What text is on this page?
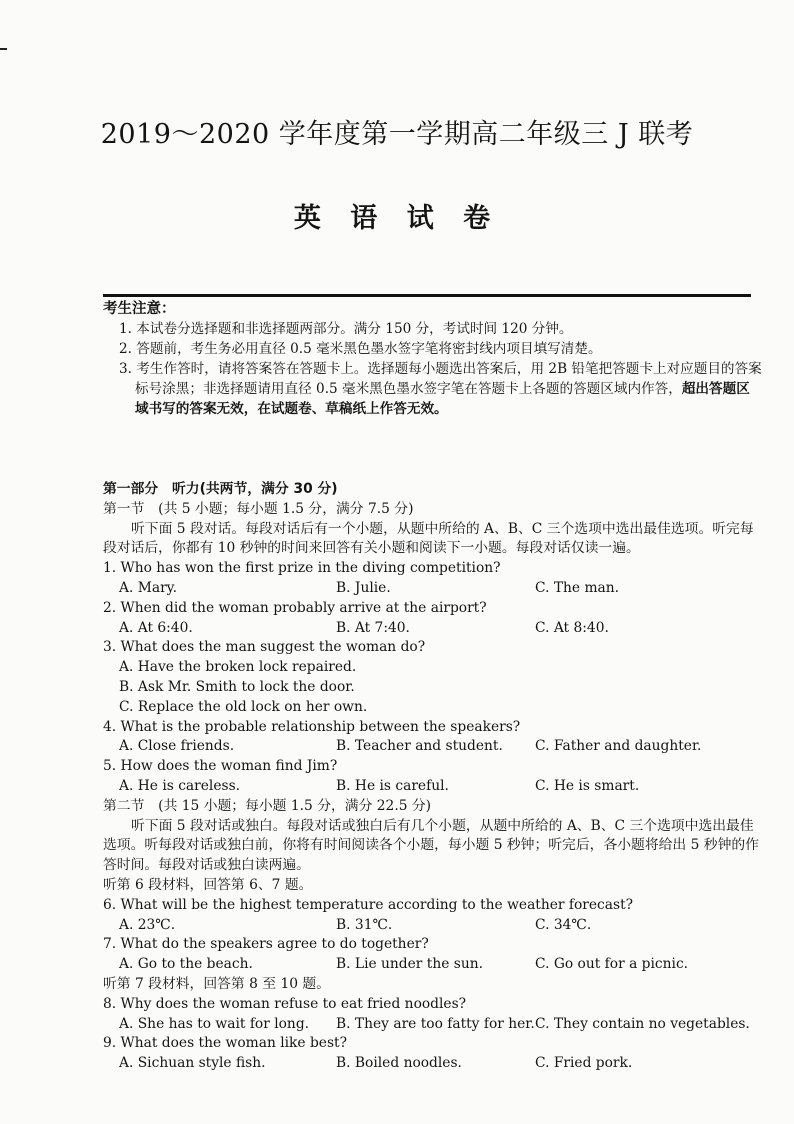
2019～2020 学年度第一学期高二年级三 J 联考
英 语 试 卷
考生注意：
1. 本试卷分选择题和非选择题两部分。满分 150 分，考试时间 120 分钟。
2. 答题前，考生务必用直径 0.5 毫米黑色墨水签字笔将密封线内项目填写清楚。
3. 考生作答时，请将答案答在答题卡上。选择题每小题选出答案后，用 2B 铅笔把答题卡上对应题目的答案标号涂黑；非选择题请用直径 0.5 毫米黑色墨水签字笔在答题卡上各题的答题区域内作答，超出答题区域书写的答案无效，在试题卷、草稿纸上作答无效。
第一部分　听力(共两节，满分 30 分)
第一节　(共 5 小题；每小题 1.5 分，满分 7.5 分)
听下面 5 段对话。每段对话后有一个小题，从题中所给的 A、B、C 三个选项中选出最佳选项。听完每段对话后，你都有 10 秒钟的时间来回答有关小题和阅读下一小题。每段对话仅读一遍。
1. Who has won the first prize in the diving competition?
A. Mary.	B. Julie.	C. The man.
2. When did the woman probably arrive at the airport?
A. At 6:40.	B. At 7:40.	C. At 8:40.
3. What does the man suggest the woman do?
A. Have the broken lock repaired.
B. Ask Mr. Smith to lock the door.
C. Replace the old lock on her own.
4. What is the probable relationship between the speakers?
A. Close friends.	B. Teacher and student.	C. Father and daughter.
5. How does the woman find Jim?
A. He is careless.	B. He is careful.	C. He is smart.
第二节　(共 15 小题；每小题 1.5 分，满分 22.5 分)
听下面 5 段对话或独白。每段对话或独白后有几个小题，从题中所给的 A、B、C 三个选项中选出最佳选项。听每段对话或独白前，你将有时间阅读各个小题，每小题 5 秒钟；听完后，各小题将给出 5 秒钟的作答时间。每段对话或独白读两遍。
听第 6 段材料，回答第 6、7 题。
6. What will be the highest temperature according to the weather forecast?
A. 23℃.	B. 31℃.	C. 34℃.
7. What do the speakers agree to do together?
A. Go to the beach.	B. Lie under the sun.	C. Go out for a picnic.
听第 7 段材料，回答第 8 至 10 题。
8. Why does the woman refuse to eat fried noodles?
A. She has to wait for long.	B. They are too fatty for her. C. They contain no vegetables.
9. What does the woman like best?
A. Sichuan style fish.	B. Boiled noodles.	C. Fried pork.
